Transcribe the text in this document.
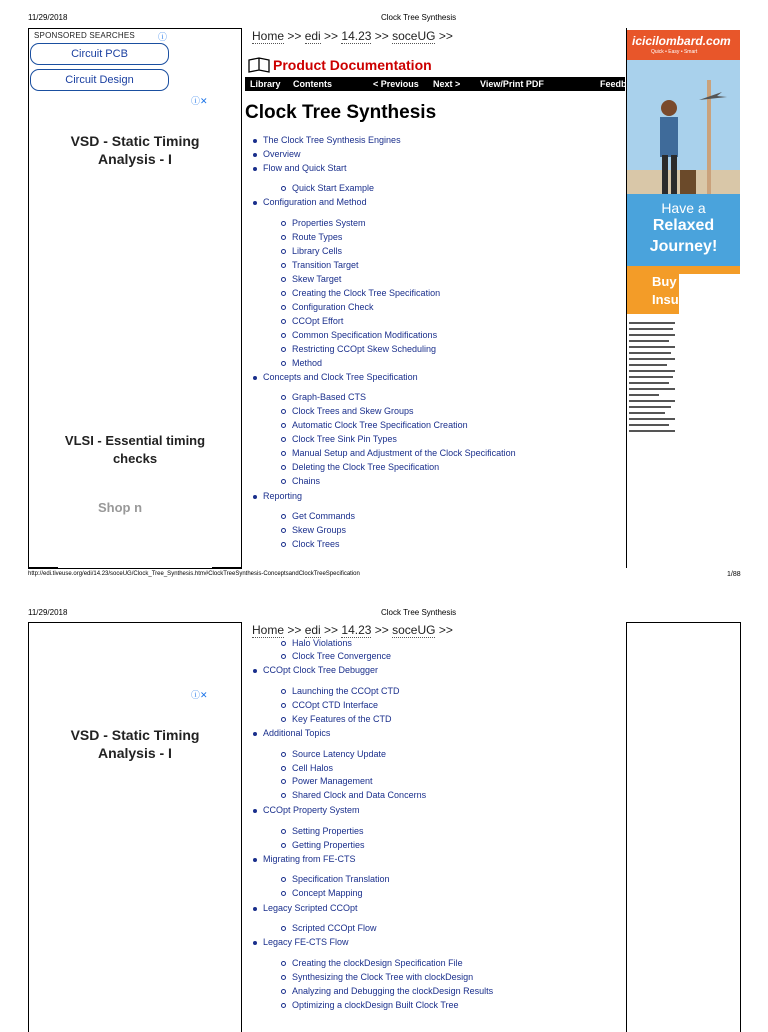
11/29/2018	Clock Tree Synthesis
SPONSORED SEARCHES	ⓘ
Circuit PCB
Circuit Design
ⓘ✕
VSD - Static Timing Analysis - I
VLSI - Essential timing checks
Shop n
Home >> edi >> 14.23 >> soceUG >>
Product Documentation
Library Contents	< Previous Next > View/Print PDF	Feedb
Clock Tree Synthesis
The Clock Tree Synthesis Engines
Overview
Flow and Quick Start
Quick Start Example
Configuration and Method
Properties System
Route Types
Library Cells
Transition Target
Skew Target
Creating the Clock Tree Specification
Configuration Check
CCOpt Effort
Common Specification Modifications
Restricting CCOpt Skew Scheduling
Method
Concepts and Clock Tree Specification
Graph-Based CTS
Clock Trees and Skew Groups
Automatic Clock Tree Specification Creation
Clock Tree Sink Pin Types
Manual Setup and Adjustment of the Clock Specification
Deleting the Clock Tree Specification
Chains
Reporting
Get Commands
Skew Groups
Clock Trees
icicilombard.com
Quick • Easy • Smart
Have a
Relaxed
Journey!
Buy
Insu
http://edi.tiveuse.org/edi/14.23/soceUG/Clock_Tree_Synthesis.htm#ClockTreeSynthesis-ConceptsandClockTreeSpecification	1/88
11/29/2018	Clock Tree Synthesis
ⓘ✕
VSD - Static Timing Analysis - I
Home >> edi >> 14.23 >> soceUG >>
Halo Violations
Clock Tree Convergence
CCOpt Clock Tree Debugger
Launching the CCOpt CTD
CCOpt CTD Interface
Key Features of the CTD
Additional Topics
Source Latency Update
Cell Halos
Power Management
Shared Clock and Data Concerns
CCOpt Property System
Setting Properties
Getting Properties
Migrating from FE-CTS
Specification Translation
Concept Mapping
Legacy Scripted CCOpt
Scripted CCOpt Flow
Legacy FE-CTS Flow
Creating the clockDesign Specification File
Synthesizing the Clock Tree with clockDesign
Analyzing and Debugging the clockDesign Results
Optimizing a clockDesign Built Clock Tree
